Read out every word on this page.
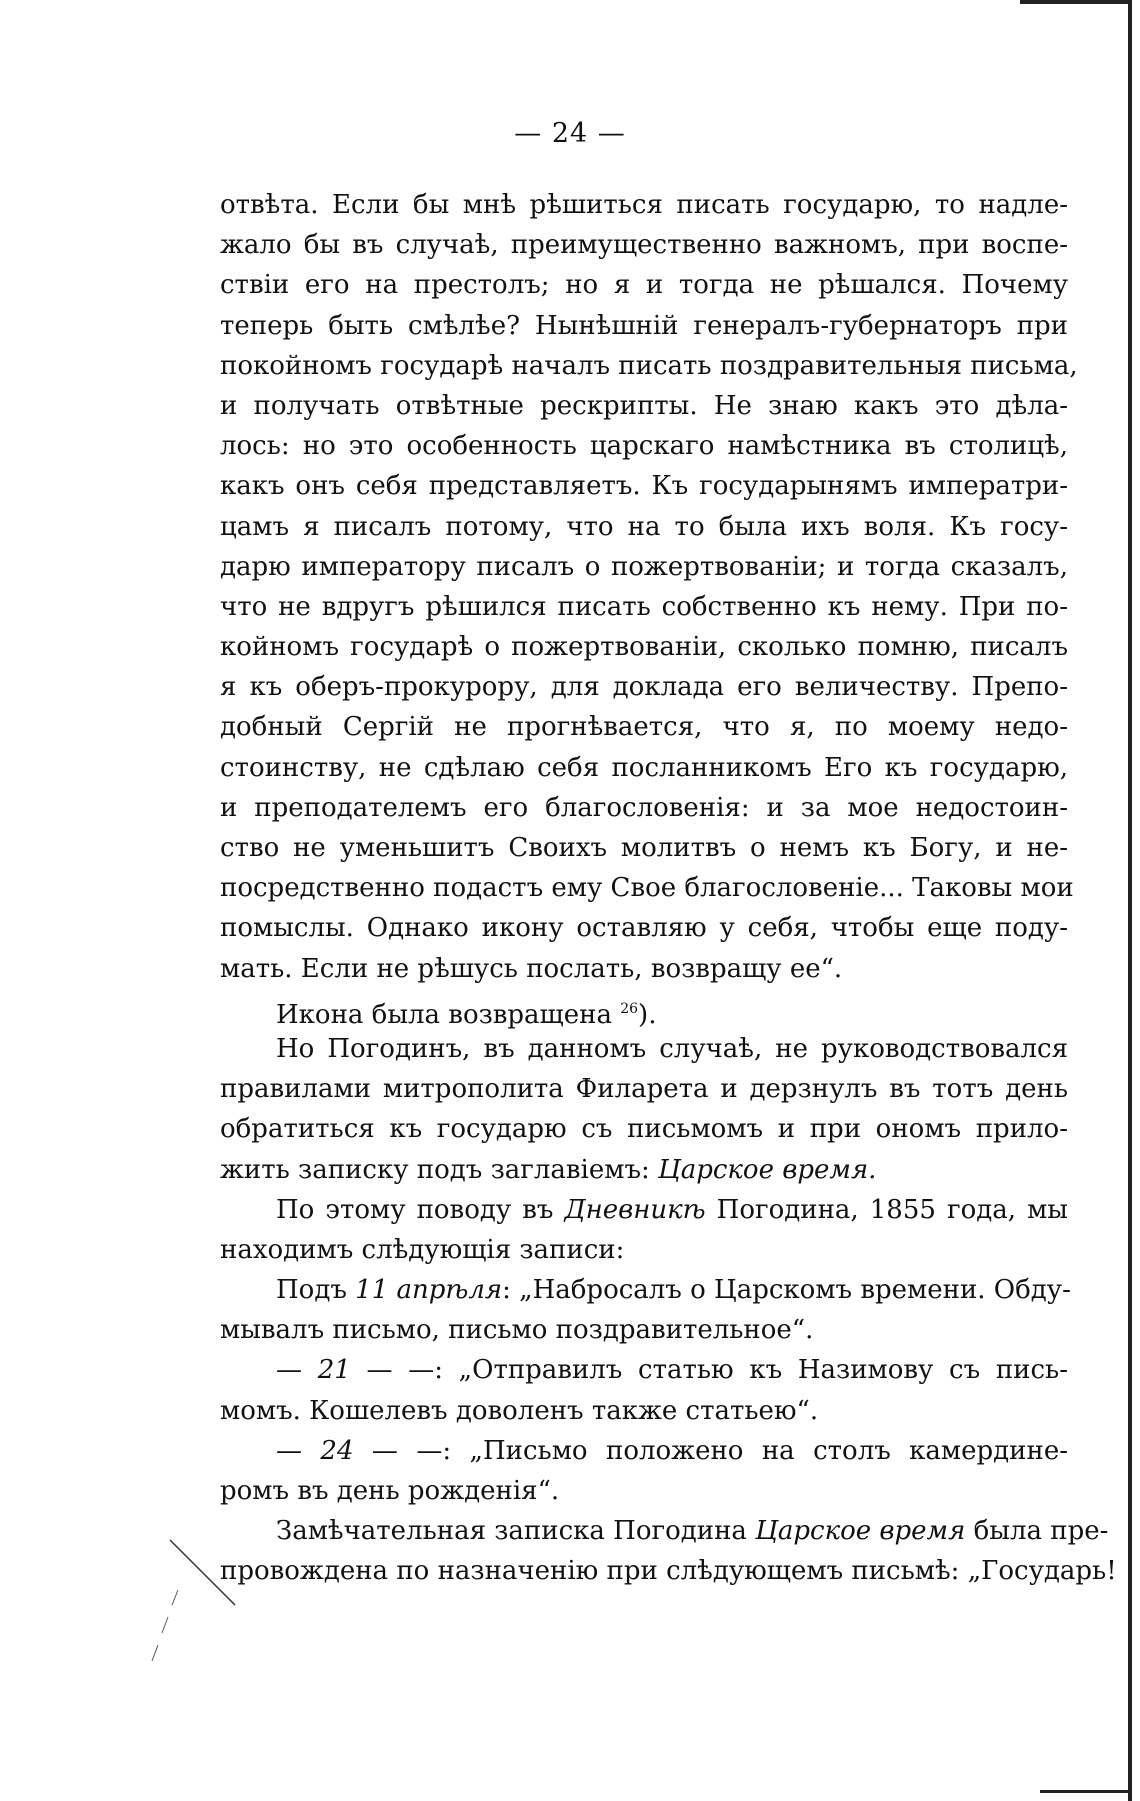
— 24 —

отвѣта. Если бы мнѣ рѣшиться писать государю, то надле-
жало бы въ случаѣ, преимущественно важномъ, при воспе-
ствіи его на престолъ; но я и тогда не рѣшался. Почему
теперь быть смѣлѣе? Нынѣшній генералъ-губернаторъ при
покойномъ государѣ началъ писать поздравительныя письма,
и получать отвѣтные рескрипты. Не знаю какъ это дѣла-
лось: но это особенность царскаго намѣстника въ столицѣ,
какъ онъ себя представляетъ. Къ государынямъ императри-
цамъ я писалъ потому, что на то была ихъ воля. Къ госу-
дарю императору писалъ о пожертвованіи; и тогда сказалъ,
что не вдругъ рѣшился писать собственно къ нему. При по-
койномъ государѣ о пожертвованіи, сколько помню, писалъ
я къ оберъ-прокурору, для доклада его величеству. Препо-
добный Сергій не прогнѣвается, что я, по моему недо-
стоинству, не сдѣлаю себя посланникомъ Его къ государю,
и преподателемъ его благословенія: и за мое недостоин-
ство не уменьшитъ Своихъ молитвъ о немъ къ Богу, и не-
посредственно подастъ ему Свое благословеніе... Таковы мои
помыслы. Однако икону оставляю у себя, чтобы еще поду-
мать. Если не рѣшусь послать, возвращу ее“.

Икона была возвращена $^{26}$).

Но Погодинъ, въ данномъ случаѣ, не руководствовался
правилами митрополита Филарета и дерзнулъ въ тотъ день
обратиться къ государю съ письмомъ и при ономъ прило-
жить записку подъ заглавіемъ: Царское время.

По этому поводу въ Дневникѣ Погодина, 1855 года, мы
находимъ слѣдующія записи:

Подъ 11 апрѣля: „Набросалъ о Царскомъ времени. Обду-
мывалъ письмо, письмо поздравительное“.

— 21 — —: „Отправилъ статью къ Назимову съ пись-
момъ. Кошелевъ доволенъ также статьею“.

— 24 — —: „Письмо положено на столъ камердине-
ромъ въ день рожденія“.

Замѣчательная записка Погодина Царское время была пре-
провождена по назначенію при слѣдующемъ письмѣ: „Государь!
